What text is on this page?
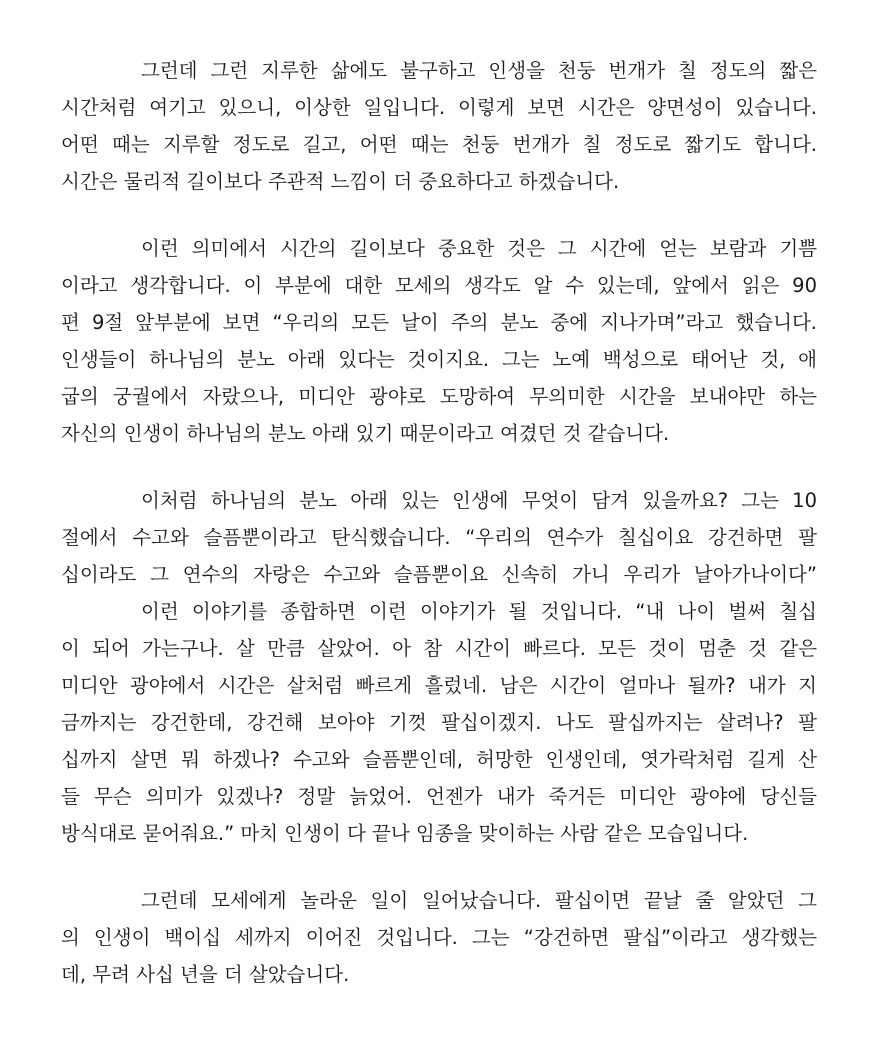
그런데 그런 지루한 삶에도 불구하고 인생을 천둥 번개가 칠 정도의 짧은
시간처럼 여기고 있으니, 이상한 일입니다. 이렇게 보면 시간은 양면성이 있습니다.
어떤 때는 지루할 정도로 길고, 어떤 때는 천둥 번개가 칠 정도로 짧기도 합니다.
시간은 물리적 길이보다 주관적 느낌이 더 중요하다고 하겠습니다.
이런 의미에서 시간의 길이보다 중요한 것은 그 시간에 얻는 보람과 기쁨
이라고 생각합니다. 이 부분에 대한 모세의 생각도 알 수 있는데, 앞에서 읽은 90
편 9절 앞부분에 보면 “우리의 모든 날이 주의 분노 중에 지나가며”라고 했습니다.
인생들이 하나님의 분노 아래 있다는 것이지요. 그는 노예 백성으로 태어난 것, 애
굽의 궁궐에서 자랐으나, 미디안 광야로 도망하여 무의미한 시간을 보내야만 하는
자신의 인생이 하나님의 분노 아래 있기 때문이라고 여겼던 것 같습니다.
이처럼 하나님의 분노 아래 있는 인생에 무엇이 담겨 있을까요? 그는 10
절에서 수고와 슬픔뿐이라고 탄식했습니다. “우리의 연수가 칠십이요 강건하면 팔
십이라도 그 연수의 자랑은 수고와 슬픔뿐이요 신속히 가니 우리가 날아가나이다”
이런 이야기를 종합하면 이런 이야기가 될 것입니다. “내 나이 벌써 칠십
이 되어 가는구나. 살 만큼 살았어. 아 참 시간이 빠르다. 모든 것이 멈춘 것 같은
미디안 광야에서 시간은 살처럼 빠르게 흘렀네. 남은 시간이 얼마나 될까? 내가 지
금까지는 강건한데, 강건해 보아야 기껏 팔십이겠지. 나도 팔십까지는 살려나? 팔
십까지 살면 뭐 하겠나? 수고와 슬픔뿐인데, 허망한 인생인데, 엿가락처럼 길게 산
들 무슨 의미가 있겠나? 정말 늙었어. 언젠가 내가 죽거든 미디안 광야에 당신들
방식대로 묻어줘요.” 마치 인생이 다 끝나 임종을 맞이하는 사람 같은 모습입니다.
그런데 모세에게 놀라운 일이 일어났습니다. 팔십이면 끝날 줄 알았던 그
의 인생이 백이십 세까지 이어진 것입니다. 그는 “강건하면 팔십”이라고 생각했는
데, 무려 사십 년을 더 살았습니다.
